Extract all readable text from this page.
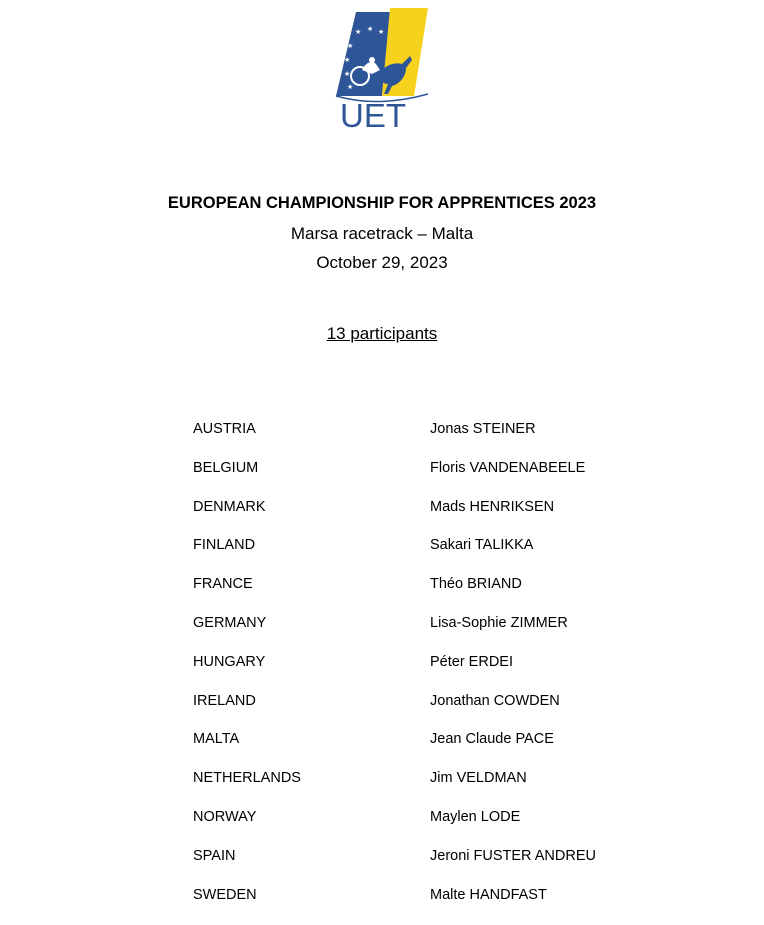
★ ★ ★
★
★
★
★
UET
EUROPEAN CHAMPIONSHIP FOR APPRENTICES 2023
Marsa racetrack – Malta
October 29, 2023
13 participants
AUSTRIA	Jonas STEINER
BELGIUM	Floris VANDENABEELE
DENMARK	Mads HENRIKSEN
FINLAND	Sakari TALIKKA
FRANCE	Théo BRIAND
GERMANY	Lisa-Sophie ZIMMER
HUNGARY	Péter ERDEI
IRELAND	Jonathan COWDEN
MALTA	Jean Claude PACE
NETHERLANDS	Jim VELDMAN
NORWAY	Maylen LODE
SPAIN	Jeroni FUSTER ANDREU
SWEDEN	Malte HANDFAST
